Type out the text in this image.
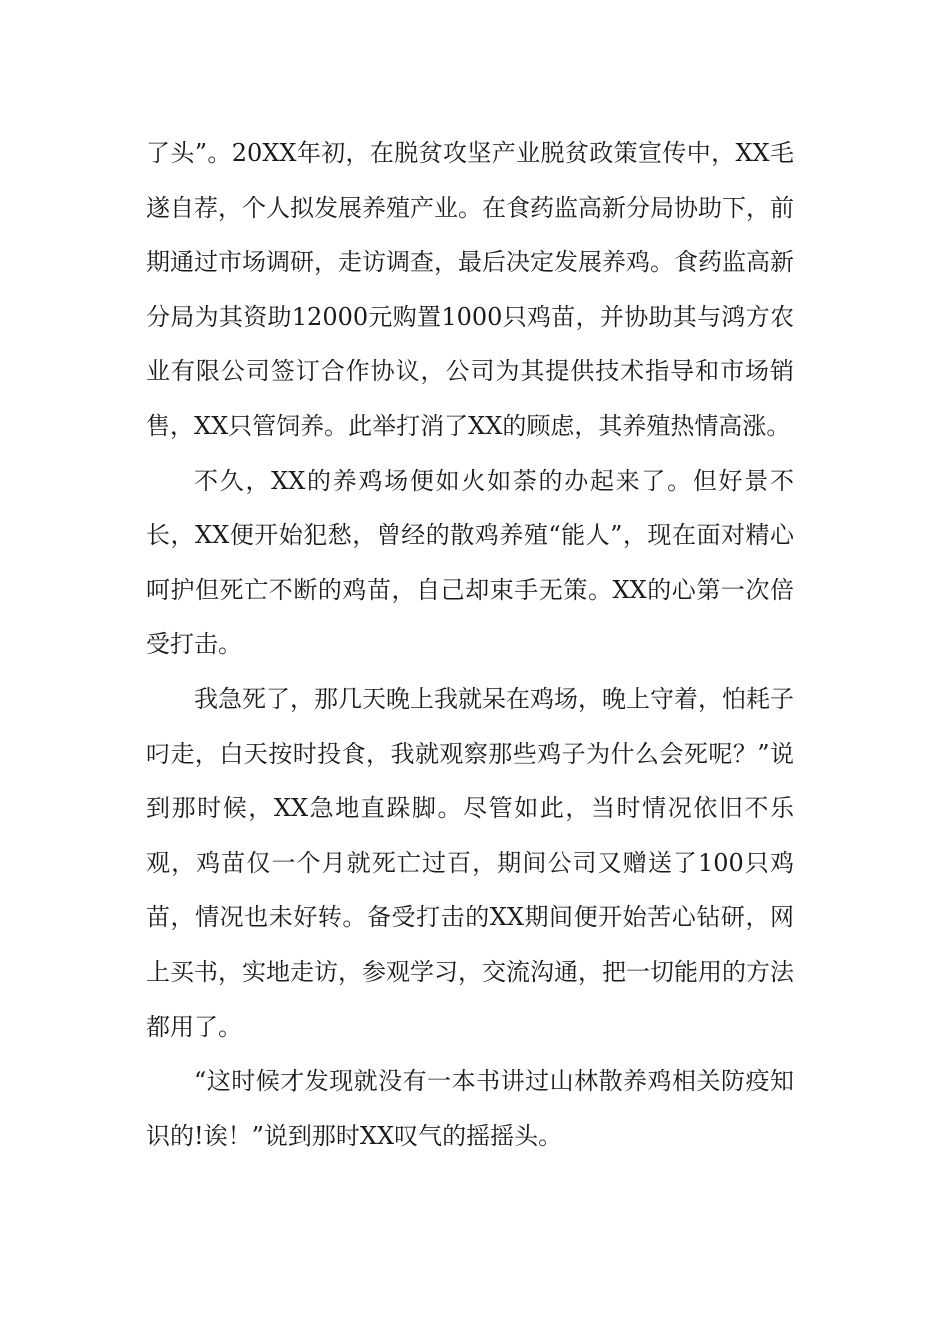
了头”。20XX年初，在脱贫攻坚产业脱贫政策宣传中，XX毛遂自荐，个人拟发展养殖产业。在食药监高新分局协助下，前期通过市场调研，走访调查，最后决定发展养鸡。食药监高新分局为其资助12000元购置1000只鸡苗，并协助其与鸿方农业有限公司签订合作协议，公司为其提供技术指导和市场销售，XX只管饲养。此举打消了XX的顾虑，其养殖热情高涨。

不久，XX的养鸡场便如火如荼的办起来了。但好景不长，XX便开始犯愁，曾经的散鸡养殖“能人”，现在面对精心呵护但死亡不断的鸡苗，自己却束手无策。XX的心第一次倍受打击。

我急死了，那几天晚上我就呆在鸡场，晚上守着，怕耗子叼走，白天按时投食，我就观察那些鸡子为什么会死呢？”说到那时候，XX急地直跺脚。尽管如此，当时情况依旧不乐观，鸡苗仅一个月就死亡过百，期间公司又赠送了100只鸡苗，情况也未好转。备受打击的XX期间便开始苦心钻研，网上买书，实地走访，参观学习，交流沟通，把一切能用的方法都用了。

“这时候才发现就没有一本书讲过山林散养鸡相关防疫知识的!诶！”说到那时XX叹气的摇摇头。
